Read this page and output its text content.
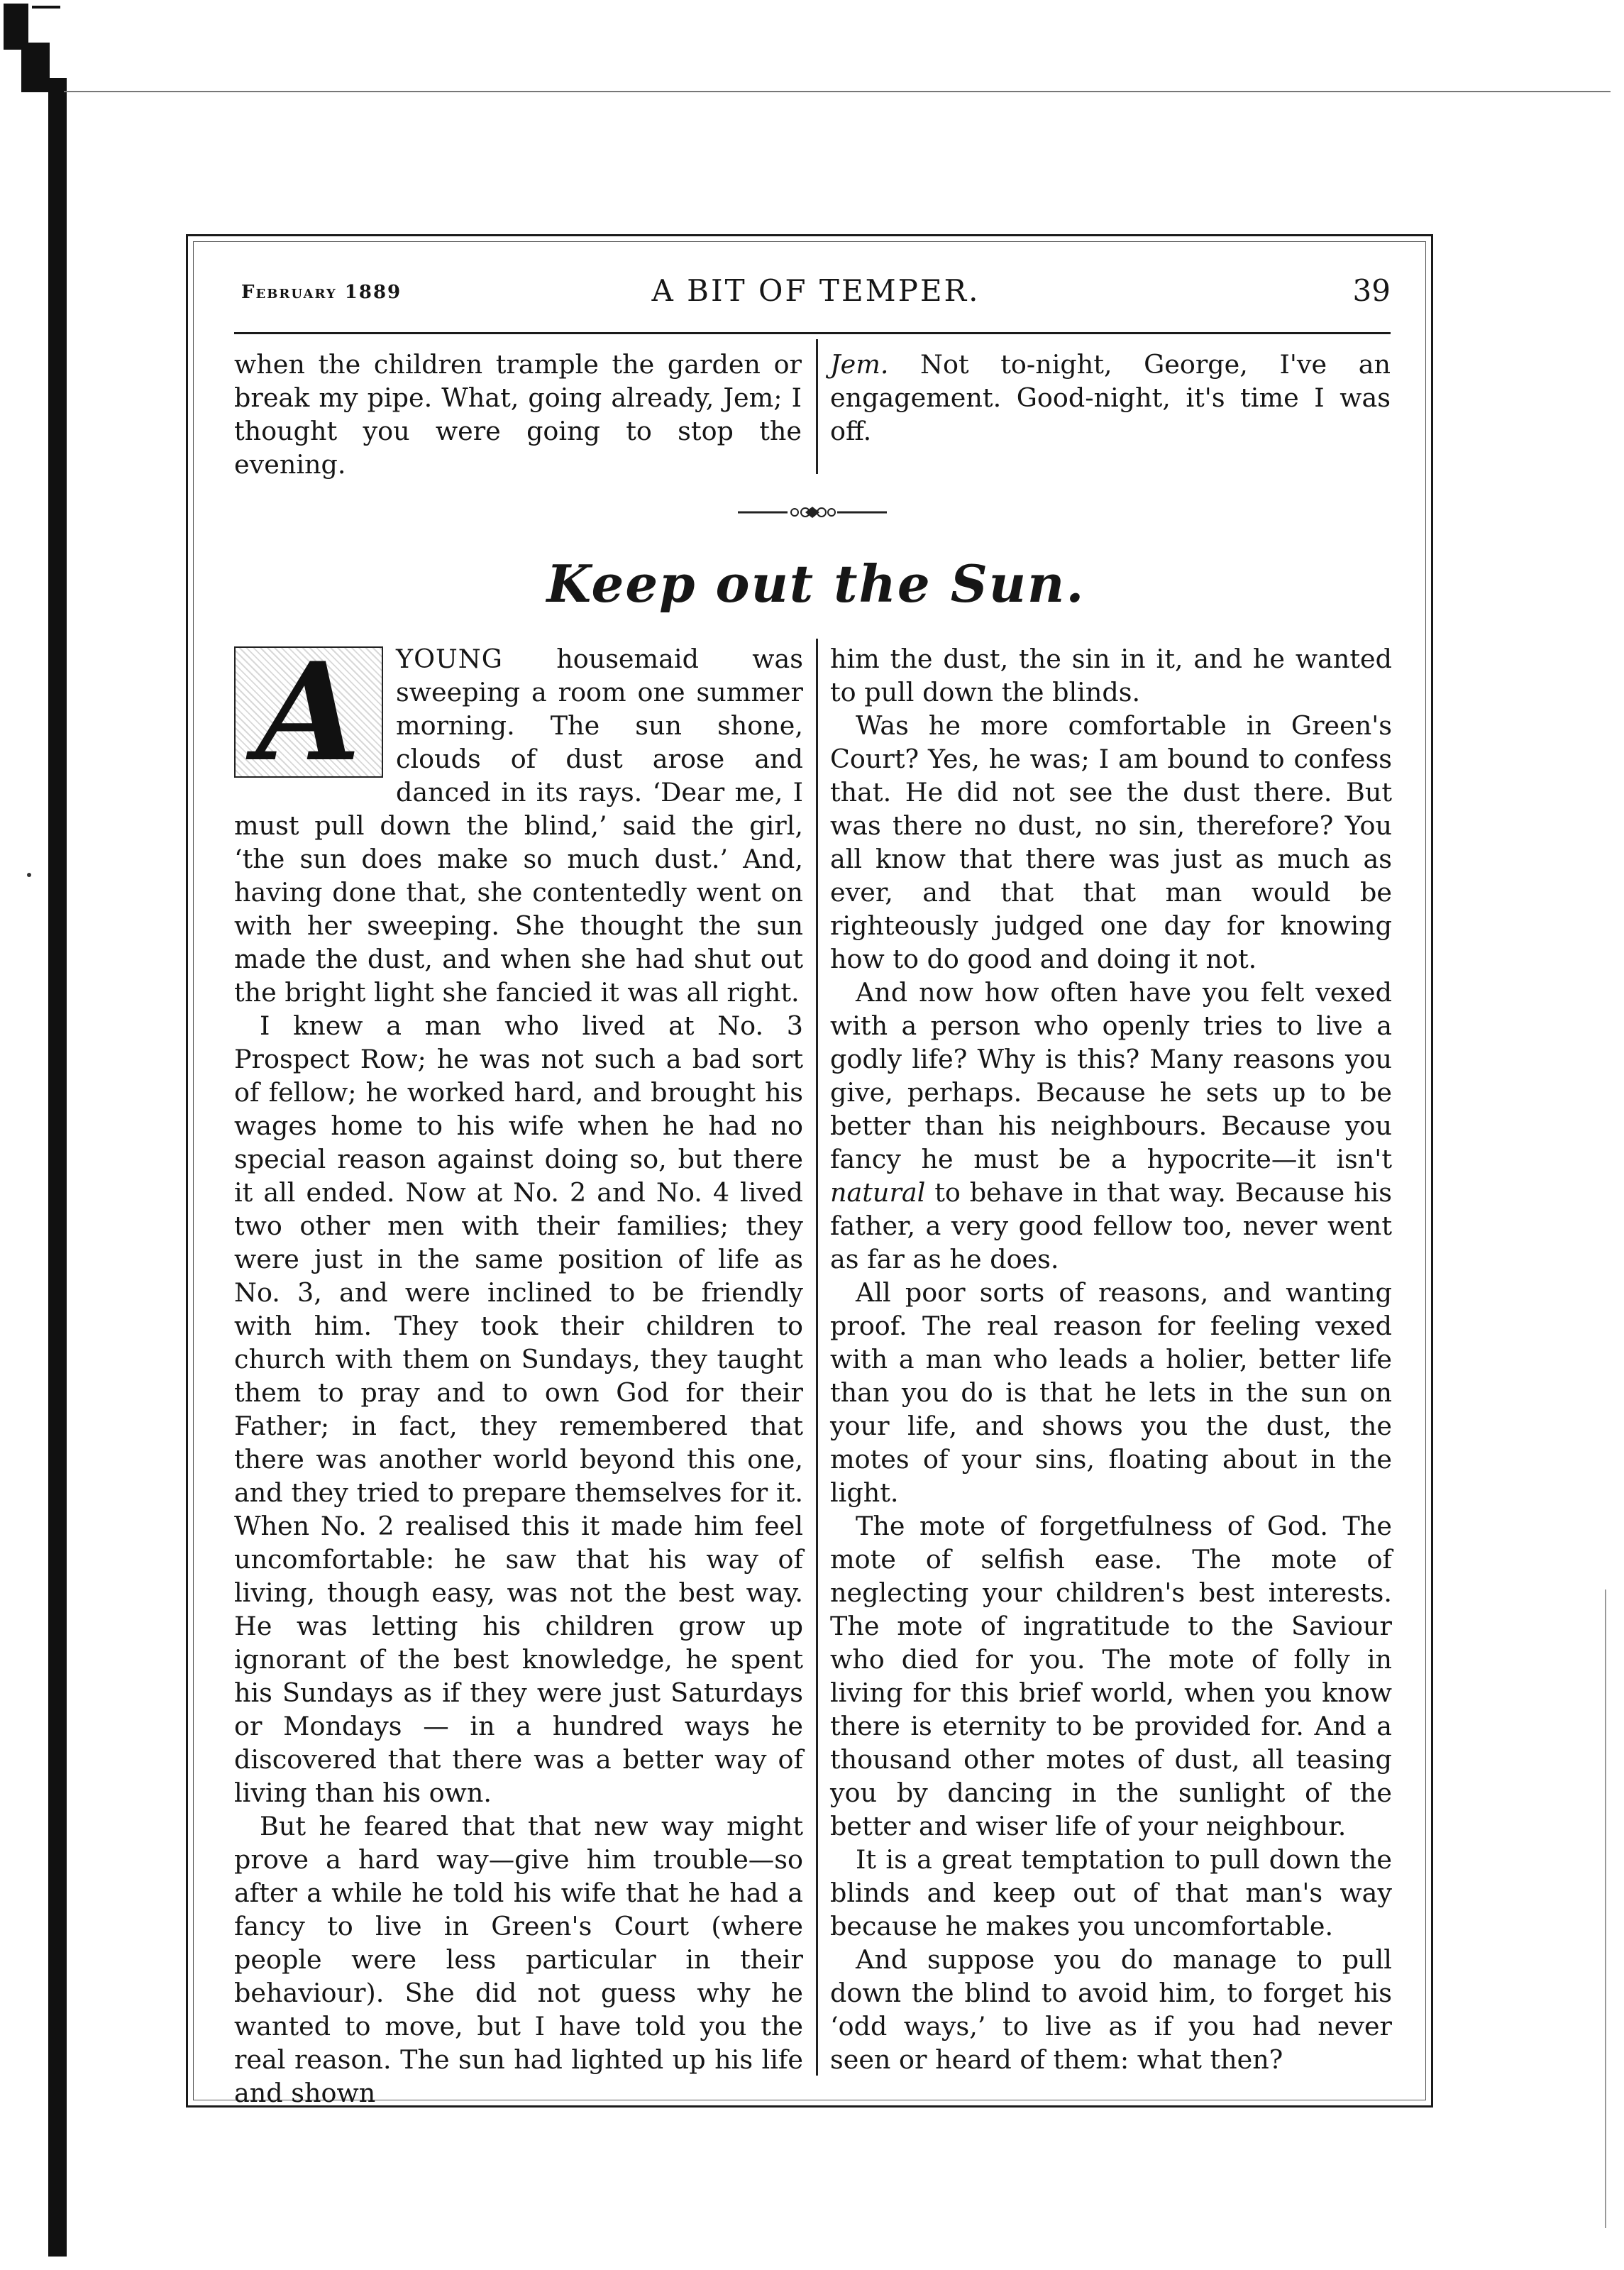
A BIT OF TEMPER.
February 1889	39
when the children trample the garden or break my pipe. What, going already, Jem; I thought you were going to stop the evening.
Jem. Not to-night, George, I've an engagement. Good-night, it's time I was off.
Keep out the Sun.

A	YOUNG housemaid was sweeping a room one summer morning. The sun shone, clouds of dust arose and danced in its rays. ‘Dear me, I must pull down the blind,’ said the girl, ‘the sun does make so much dust.’ And, having done that, she contentedly went on with her sweeping. She thought the sun made the dust, and when she had shut out the bright light she fancied it was all right.

I knew a man who lived at No. 3 Prospect Row; he was not such a bad sort of fellow; he worked hard, and brought his wages home to his wife when he had no special reason against doing so, but there it all ended. Now at No. 2 and No. 4 lived two other men with their families; they were just in the same position of life as No. 3, and were inclined to be friendly with him. They took their children to church with them on Sundays, they taught them to pray and to own God for their Father; in fact, they remembered that there was another world beyond this one, and they tried to prepare themselves for it. When No. 2 realised this it made him feel uncomfortable: he saw that his way of living, though easy, was not the best way. He was letting his children grow up ignorant of the best knowledge, he spent his Sundays as if they were just Saturdays or Mondays — in a hundred ways he discovered that there was a better way of living than his own.

But he feared that that new way might prove a hard way—give him trouble—so after a while he told his wife that he had a fancy to live in Green's Court (where people were less particular in their behaviour). She did not guess why he wanted to move, but I have told you the real reason. The sun had lighted up his life and shown

him the dust, the sin in it, and he wanted to pull down the blinds.

Was he more comfortable in Green's Court? Yes, he was; I am bound to confess that. He did not see the dust there. But was there no dust, no sin, therefore? You all know that there was just as much as ever, and that that man would be righteously judged one day for knowing how to do good and doing it not.

And now how often have you felt vexed with a person who openly tries to live a godly life? Why is this? Many reasons you give, perhaps. Because he sets up to be better than his neighbours. Because you fancy he must be a hypocrite—it isn't natural to behave in that way. Because his father, a very good fellow too, never went as far as he does.

All poor sorts of reasons, and wanting proof. The real reason for feeling vexed with a man who leads a holier, better life than you do is that he lets in the sun on your life, and shows you the dust, the motes of your sins, floating about in the light.

The mote of forgetfulness of God. The mote of selfish ease. The mote of neglecting your children's best interests. The mote of ingratitude to the Saviour who died for you. The mote of folly in living for this brief world, when you know there is eternity to be provided for. And a thousand other motes of dust, all teasing you by dancing in the sunlight of the better and wiser life of your neighbour.

It is a great temptation to pull down the blinds and keep out of that man's way because he makes you uncomfortable.

And suppose you do manage to pull down the blind to avoid him, to forget his ‘odd ways,’ to live as if you had never seen or heard of them: what then?
